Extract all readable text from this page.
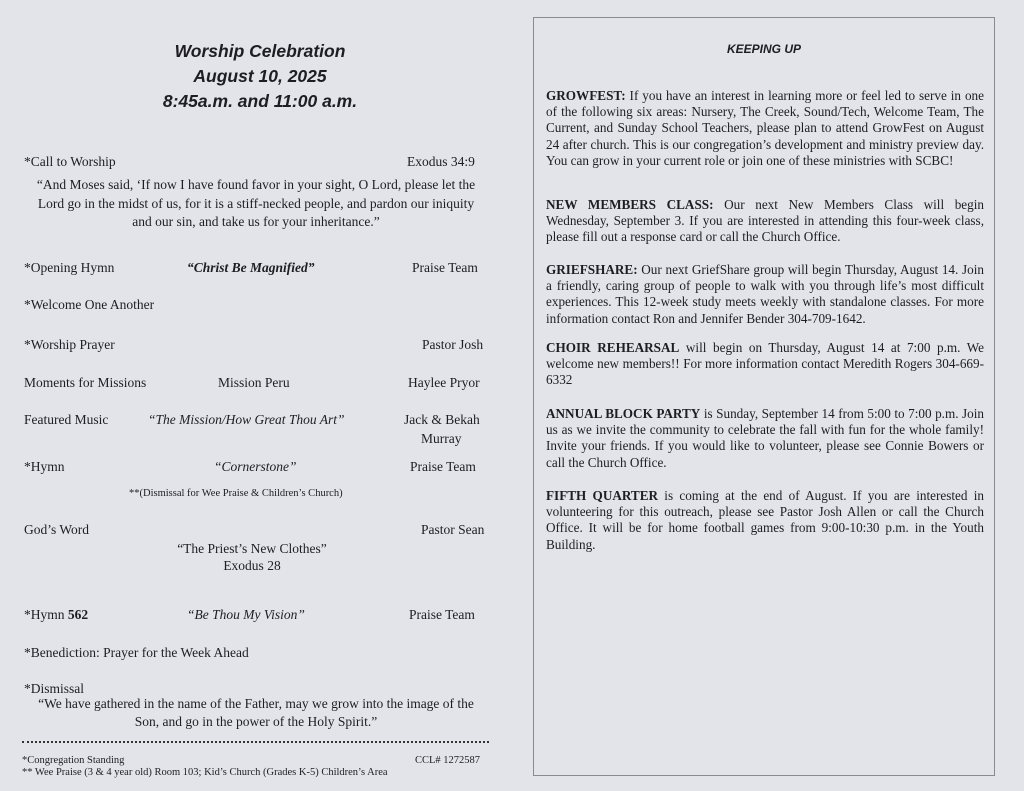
Worship Celebration
August 10, 2025
8:45a.m. and 11:00 a.m.
*Call to Worship	Exodus 34:9
“And Moses said, ‘If now I have found favor in your sight, O Lord, please let the
Lord go in the midst of us, for it is a stiff-necked people, and pardon our iniquity
and our sin, and take us for your inheritance.”
*Opening Hymn	“Christ Be Magnified”	Praise Team
*Welcome One Another
*Worship Prayer	Pastor Josh
Moments for Missions	Mission Peru	Haylee Pryor
Featured Music	“The Mission/How Great Thou Art”	Jack & Bekah
Murray
*Hymn	“Cornerstone”	Praise Team
**(Dismissal for Wee Praise & Children’s Church)
God’s Word	Pastor Sean
“The Priest’s New Clothes”
Exodus 28
*Hymn 562	“Be Thou My Vision”	Praise Team
*Benediction: Prayer for the Week Ahead
*Dismissal
“We have gathered in the name of the Father, may we grow into the image of the
Son, and go in the power of the Holy Spirit.”
*Congregation Standing	CCL# 1272587
** Wee Praise (3 & 4 year old) Room 103; Kid’s Church (Grades K-5) Children’s Area
KEEPING UP
GROWFEST: If you have an interest in learning more or feel led to serve in one of the following six areas: Nursery, The Creek, Sound/Tech, Welcome Team, The Current, and Sunday School Teachers, please plan to attend GrowFest on August 24 after church. This is our congregation’s development and ministry preview day. You can grow in your current role or join one of these ministries with SCBC!
NEW MEMBERS CLASS: Our next New Members Class will begin Wednesday, September 3. If you are interested in attending this four-week class, please fill out a response card or call the Church Office.
GRIEFSHARE: Our next GriefShare group will begin Thursday, August 14. Join a friendly, caring group of people to walk with you through life’s most difficult experiences. This 12-week study meets weekly with standalone classes. For more information contact Ron and Jennifer Bender 304-709-1642.
CHOIR REHEARSAL will begin on Thursday, August 14 at 7:00 p.m. We welcome new members!! For more information contact Meredith Rogers 304-669-6332
ANNUAL BLOCK PARTY is Sunday, September 14 from 5:00 to 7:00 p.m. Join us as we invite the community to celebrate the fall with fun for the whole family! Invite your friends. If you would like to volunteer, please see Connie Bowers or call the Church Office.
FIFTH QUARTER is coming at the end of August. If you are interested in volunteering for this outreach, please see Pastor Josh Allen or call the Church Office. It will be for home football games from 9:00-10:30 p.m. in the Youth Building.
